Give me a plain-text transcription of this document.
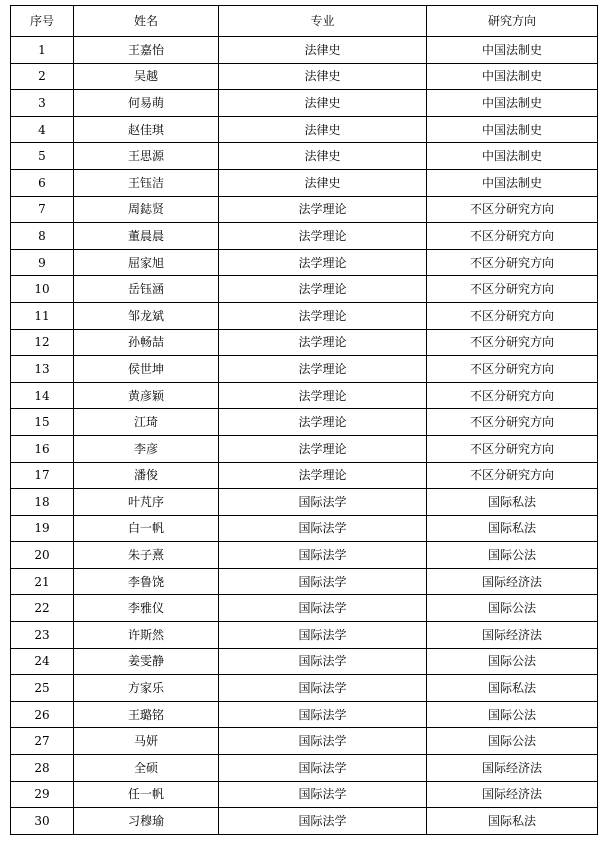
序号	姓名	专业	研究方向
1	王嘉怡	法律史	中国法制史
2	吴越	法律史	中国法制史
3	何易萌	法律史	中国法制史
4	赵佳琪	法律史	中国法制史
5	王思源	法律史	中国法制史
6	王钰洁	法律史	中国法制史
7	周鋕贤	法学理论	不区分研究方向
8	董晨晨	法学理论	不区分研究方向
9	屈家旭	法学理论	不区分研究方向
10	岳钰涵	法学理论	不区分研究方向
11	邹龙斌	法学理论	不区分研究方向
12	孙畅喆	法学理论	不区分研究方向
13	侯世坤	法学理论	不区分研究方向
14	黄彦颖	法学理论	不区分研究方向
15	江琦	法学理论	不区分研究方向
16	李彦	法学理论	不区分研究方向
17	潘俊	法学理论	不区分研究方向
18	叶芃序	国际法学	国际私法
19	白一帆	国际法学	国际私法
20	朱子熹	国际法学	国际公法
21	李鲁饶	国际法学	国际经济法
22	李雅仪	国际法学	国际公法
23	许斯然	国际法学	国际经济法
24	姜雯静	国际法学	国际公法
25	方家乐	国际法学	国际私法
26	王璐铭	国际法学	国际公法
27	马妍	国际法学	国际公法
28	全硕	国际法学	国际经济法
29	任一帆	国际法学	国际经济法
30	习穆瑜	国际法学	国际私法
